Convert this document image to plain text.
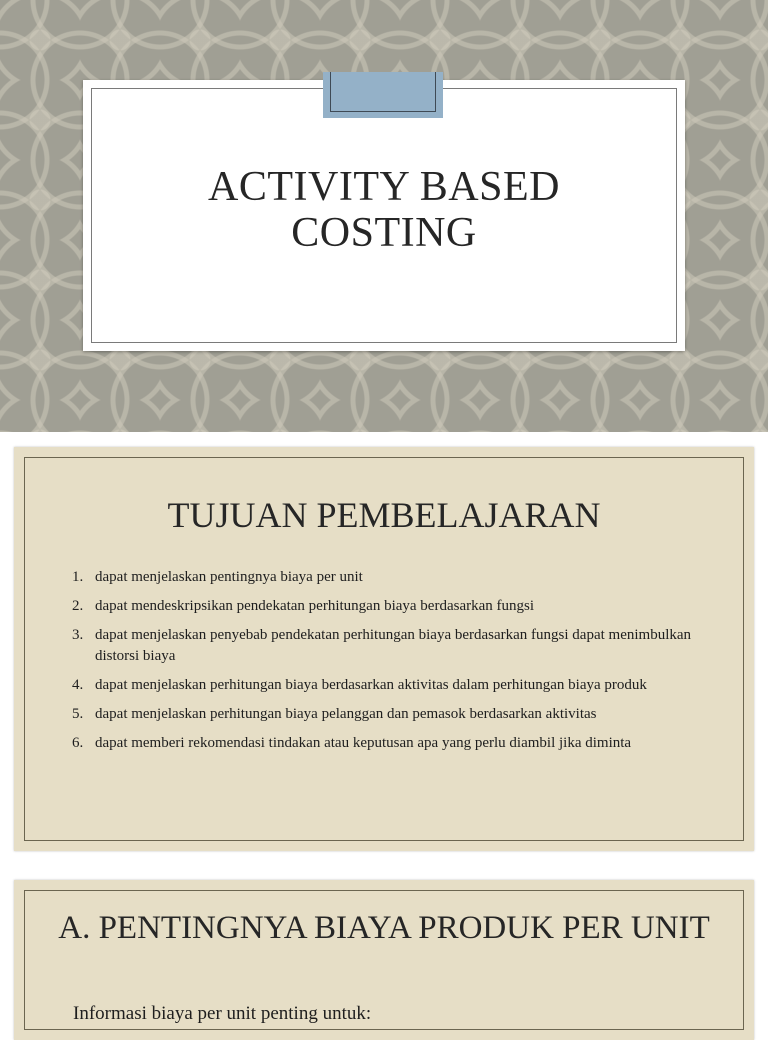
ACTIVITY BASED
COSTING
TUJUAN PEMBELAJARAN
1. dapat menjelaskan pentingnya biaya per unit
2. dapat mendeskripsikan pendekatan perhitungan biaya berdasarkan fungsi
3. dapat menjelaskan penyebab pendekatan perhitungan biaya berdasarkan fungsi dapat menimbulkan distorsi biaya
4. dapat menjelaskan perhitungan biaya berdasarkan aktivitas dalam perhitungan biaya produk
5. dapat menjelaskan perhitungan biaya pelanggan dan pemasok berdasarkan aktivitas
6. dapat memberi rekomendasi tindakan atau keputusan apa yang perlu diambil jika diminta
A. PENTINGNYA BIAYA PRODUK PER UNIT
Informasi biaya per unit penting untuk:
